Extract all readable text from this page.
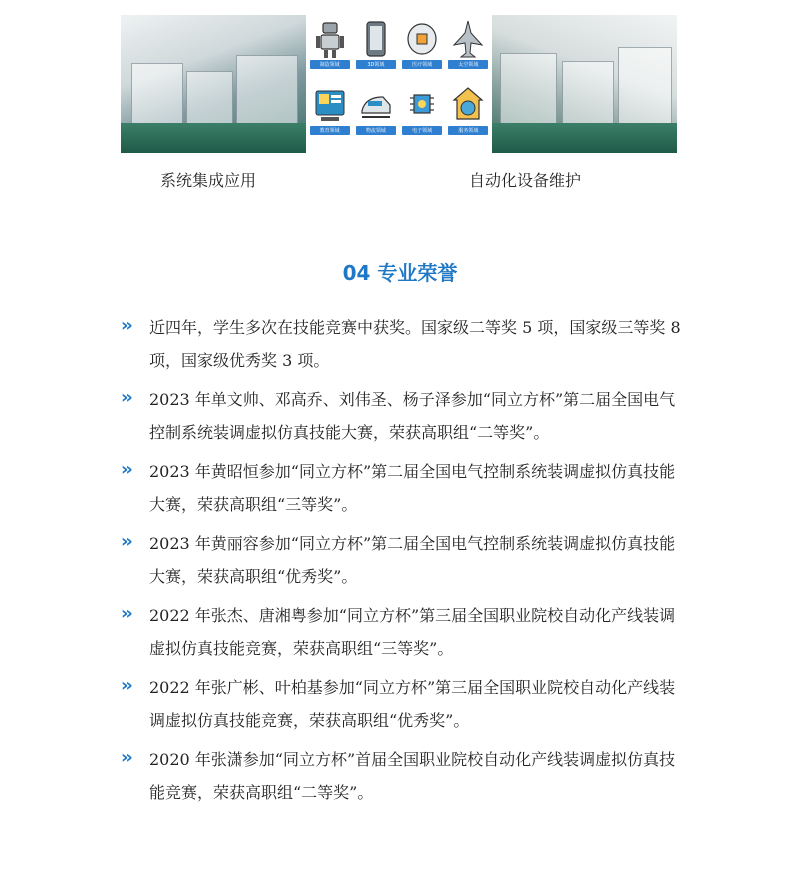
制造领域	3D领域	医疗领域	太空领域
教育领域	物流领域	电子领域	服务领域
系统集成应用	自动化设备维护
04 专业荣誉
›› 近四年，学生多次在技能竞赛中获奖。国家级二等奖 5 项，国家级三等奖 8 项，国家级优秀奖 3 项。
›› 2023 年单文帅、邓高乔、刘伟圣、杨子泽参加“同立方杯”第二届全国电气控制系统装调虚拟仿真技能大赛，荣获高职组“二等奖”。
›› 2023 年黄昭恒参加“同立方杯”第二届全国电气控制系统装调虚拟仿真技能大赛，荣获高职组“三等奖”。
›› 2023 年黄丽容参加“同立方杯”第二届全国电气控制系统装调虚拟仿真技能大赛，荣获高职组“优秀奖”。
›› 2022 年张杰、唐湘粤参加“同立方杯”第三届全国职业院校自动化产线装调虚拟仿真技能竞赛，荣获高职组“三等奖”。
›› 2022 年张广彬、叶柏基参加“同立方杯”第三届全国职业院校自动化产线装调虚拟仿真技能竞赛，荣获高职组“优秀奖”。
›› 2020 年张潇参加“同立方杯”首届全国职业院校自动化产线装调虚拟仿真技能竞赛，荣获高职组“二等奖”。
